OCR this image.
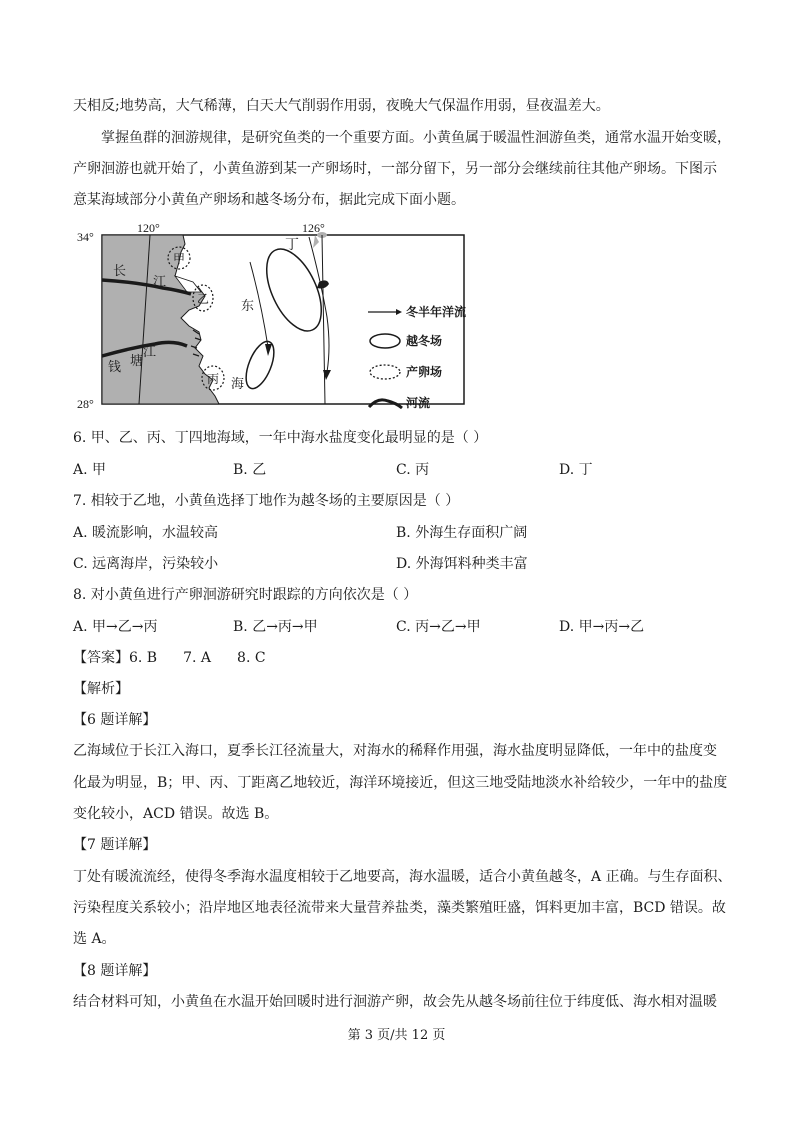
天相反;地势高，大气稀薄，白天大气削弱作用弱，夜晚大气保温作用弱，昼夜温差大。
掌握鱼群的洄游规律，是研究鱼类的一个重要方面。小黄鱼属于暖温性洄游鱼类，通常水温开始变暖，
产卵洄游也就开始了，小黄鱼游到某一产卵场时，一部分留下，另一部分会继续前往其他产卵场。下图示
意某海域部分小黄鱼产卵场和越冬场分布，据此完成下面小题。
34°
28°
120°	126°
甲
乙
丙
丁
长
江
钱 塘
江
东
海
冬半年洋流
越冬场
产卵场
河流
6. 甲、乙、丙、丁四地海域，一年中海水盐度变化最明显的是（ ）
A. 甲	B. 乙	C. 丙	D. 丁
7. 相较于乙地，小黄鱼选择丁地作为越冬场的主要原因是（ ）
A. 暖流影响，水温较高	B. 外海生存面积广阔
C. 远离海岸，污染较小	D. 外海饵料种类丰富
8. 对小黄鱼进行产卵洄游研究时跟踪的方向依次是（ ）
A. 甲→乙→丙	B. 乙→丙→甲	C. 丙→乙→甲	D. 甲→丙→乙
【答案】6. B 7. A 8. C
【解析】
【6 题详解】
乙海域位于长江入海口，夏季长江径流量大，对海水的稀释作用强，海水盐度明显降低，一年中的盐度变
化最为明显，B；甲、丙、丁距离乙地较近，海洋环境接近，但这三地受陆地淡水补给较少，一年中的盐度
变化较小，ACD 错误。故选 B。
【7 题详解】
丁处有暖流流经，使得冬季海水温度相较于乙地要高，海水温暖，适合小黄鱼越冬，A 正确。与生存面积、
污染程度关系较小；沿岸地区地表径流带来大量营养盐类，藻类繁殖旺盛，饵料更加丰富，BCD 错误。故
选 A。
【8 题详解】
结合材料可知，小黄鱼在水温开始回暖时进行洄游产卵，故会先从越冬场前往位于纬度低、海水相对温暖
第 3 页/共 12 页
